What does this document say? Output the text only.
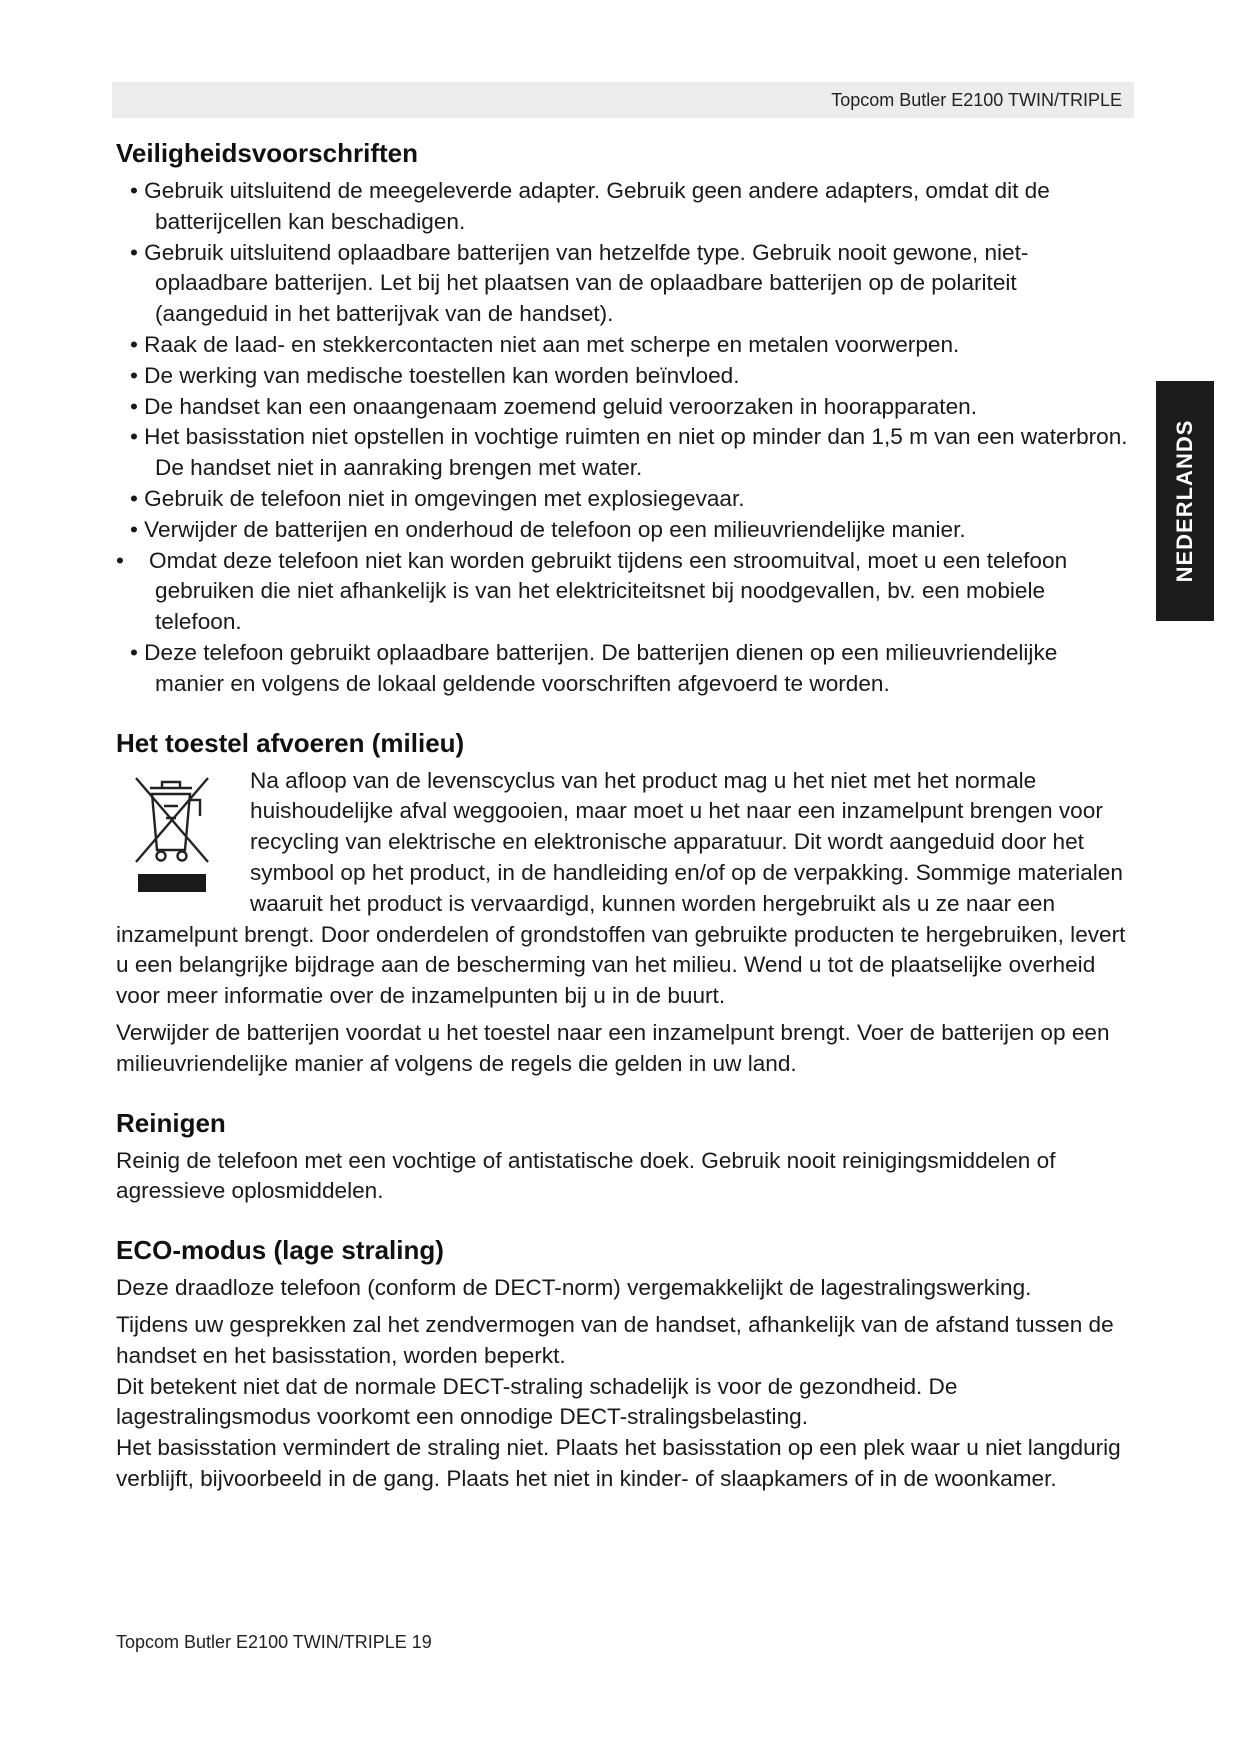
Topcom Butler E2100 TWIN/TRIPLE
NEDERLANDS
Veiligheidsvoorschriften
• Gebruik uitsluitend de meegeleverde adapter. Gebruik geen andere adapters, omdat dit de batterijcellen kan beschadigen.
• Gebruik uitsluitend oplaadbare batterijen van hetzelfde type. Gebruik nooit gewone, niet-oplaadbare batterijen. Let bij het plaatsen van de oplaadbare batterijen op de polariteit (aangeduid in het batterijvak van de handset).
• Raak de laad- en stekkercontacten niet aan met scherpe en metalen voorwerpen.
• De werking van medische toestellen kan worden beïnvloed.
• De handset kan een onaangenaam zoemend geluid veroorzaken in hoorapparaten.
• Het basisstation niet opstellen in vochtige ruimten en niet op minder dan 1,5 m van een waterbron. De handset niet in aanraking brengen met water.
• Gebruik de telefoon niet in omgevingen met explosiegevaar.
• Verwijder de batterijen en onderhoud de telefoon op een milieuvriendelijke manier.
•    Omdat deze telefoon niet kan worden gebruikt tijdens een stroomuitval, moet u een telefoon gebruiken die niet afhankelijk is van het elektriciteitsnet bij noodgevallen, bv. een mobiele telefoon.
• Deze telefoon gebruikt oplaadbare batterijen. De batterijen dienen op een milieuvriendelijke manier en volgens de lokaal geldende voorschriften afgevoerd te worden.
Het toestel afvoeren (milieu)

Na afloop van de levenscyclus van het product mag u het niet met het normale huishoudelijke afval weggooien, maar moet u het naar een inzamelpunt brengen voor recycling van elektrische en elektronische apparatuur. Dit wordt aangeduid door het symbool op het product, in de handleiding en/of op de verpakking. Sommige materialen waaruit het product is vervaardigd, kunnen worden hergebruikt als u ze naar een inzamelpunt brengt. Door onderdelen of grondstoffen van gebruikte producten te hergebruiken, levert u een belangrijke bijdrage aan de bescherming van het milieu. Wend u tot de plaatselijke overheid voor meer informatie over de inzamelpunten bij u in de buurt.

Verwijder de batterijen voordat u het toestel naar een inzamelpunt brengt. Voer de batterijen op een milieuvriendelijke manier af volgens de regels die gelden in uw land.

Reinigen

Reinig de telefoon met een vochtige of antistatische doek. Gebruik nooit reinigingsmiddelen of agressieve oplosmiddelen.

ECO-modus (lage straling)

Deze draadloze telefoon (conform de DECT-norm) vergemakkelijkt de lagestralingswerking.

Tijdens uw gesprekken zal het zendvermogen van de handset, afhankelijk van de afstand tussen de handset en het basisstation, worden beperkt.

Dit betekent niet dat de normale DECT-straling schadelijk is voor de gezondheid. De lagestralingsmodus voorkomt een onnodige DECT-stralingsbelasting.

Het basisstation vermindert de straling niet. Plaats het basisstation op een plek waar u niet langdurig verblijft, bijvoorbeeld in de gang. Plaats het niet in kinder- of slaapkamers of in de woonkamer.

Topcom Butler E2100 TWIN/TRIPLE 19
